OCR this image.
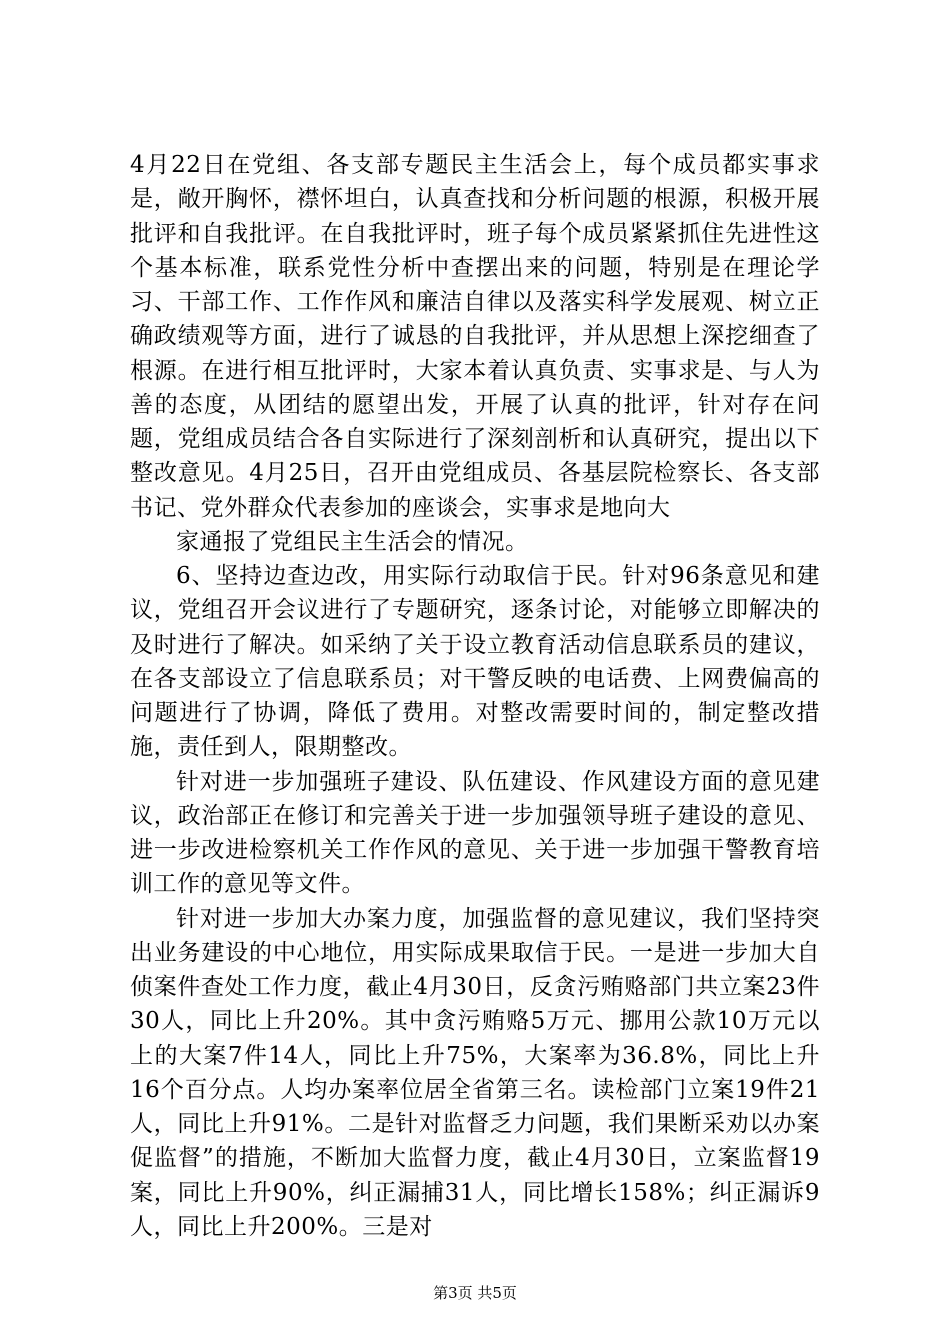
4月22日在党组、各支部专题民主生活会上，每个成员都实事求是，敞开胸怀，襟怀坦白，认真查找和分析问题的根源，积极开展批评和自我批评。在自我批评时，班子每个成员紧紧抓住先进性这个基本标准，联系党性分析中查摆出来的问题，特别是在理论学习、干部工作、工作作风和廉洁自律以及落实科学发展观、树立正确政绩观等方面，进行了诚恳的自我批评，并从思想上深挖细查了根源。在进行相互批评时，大家本着认真负责、实事求是、与人为善的态度，从团结的愿望出发，开展了认真的批评，针对存在问题，党组成员结合各自实际进行了深刻剖析和认真研究，提出以下整改意见。4月25日，召开由党组成员、各基层院检察长、各支部书记、党外群众代表参加的座谈会，实事求是地向大

家通报了党组民主生活会的情况。

6、坚持边查边改，用实际行动取信于民。针对96条意见和建议，党组召开会议进行了专题研究，逐条讨论，对能够立即解决的及时进行了解决。如采纳了关于设立教育活动信息联系员的建议，在各支部设立了信息联系员；对干警反映的电话费、上网费偏高的问题进行了协调，降低了费用。对整改需要时间的，制定整改措施，责任到人，限期整改。

针对进一步加强班子建设、队伍建设、作风建设方面的意见建议，政治部正在修订和完善关于进一步加强领导班子建设的意见、进一步改进检察机关工作作风的意见、关于进一步加强干警教育培训工作的意见等文件。

针对进一步加大办案力度，加强监督的意见建议，我们坚持突出业务建设的中心地位，用实际成果取信于民。一是进一步加大自侦案件查处工作力度，截止4月30日，反贪污贿赂部门共立案23件30人，同比上升20%。其中贪污贿赂5万元、挪用公款10万元以上的大案7件14人，同比上升75%，大案率为36.8%，同比上升16个百分点。人均办案率位居全省第三名。读检部门立案19件21人，同比上升91%。二是针对监督乏力问题，我们果断采劝以办案促监督”的措施，不断加大监督力度，截止4月30日，立案监督19案，同比上升90%，纠正漏捕31人，同比增长158%；纠正漏诉9人，同比上升200%。三是对

第3页 共5页
